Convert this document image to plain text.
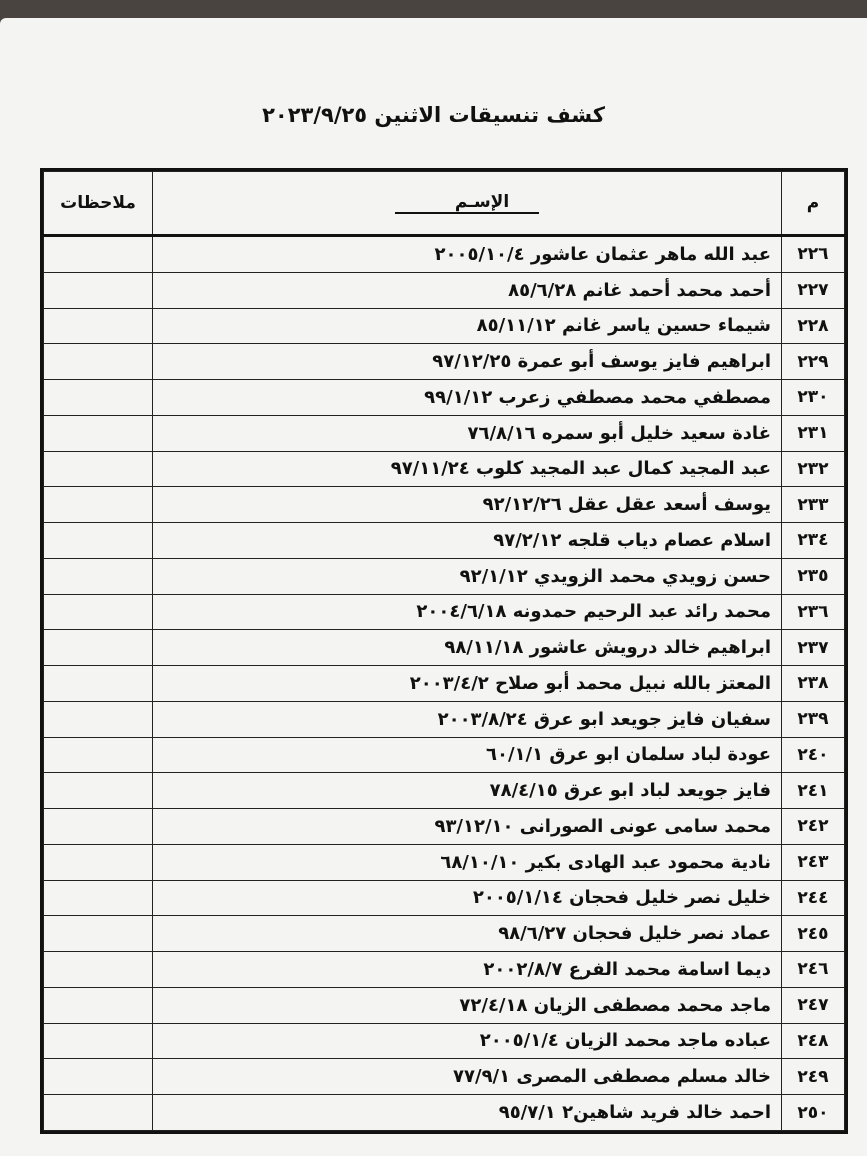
كشف تنسيقات الاثنين ٢٠٢٣/٩/٢٥
م	الإسـم	ملاحظات
٢٢٦	عبد الله ماهر عثمان عاشور ٢٠٠٥/١٠/٤	
٢٢٧	أحمد محمد أحمد غانم ٨٥/٦/٢٨	
٢٢٨	شيماء حسين ياسر غانم ٨٥/١١/١٢	
٢٢٩	ابراهيم فايز يوسف أبو عمرة ٩٧/١٢/٢٥	
٢٣٠	مصطفي محمد مصطفي زعرب ٩٩/١/١٢	
٢٣١	غادة سعيد خليل أبو سمره ٧٦/٨/١٦	
٢٣٢	عبد المجيد كمال عبد المجيد كلوب ٩٧/١١/٢٤	
٢٣٣	يوسف أسعد عقل عقل ٩٢/١٢/٢٦	
٢٣٤	اسلام عصام دياب قلجه ٩٧/٢/١٢	
٢٣٥	حسن زويدي محمد الزويدي ٩٢/١/١٢	
٢٣٦	محمد رائد عبد الرحيم حمدونه ٢٠٠٤/٦/١٨	
٢٣٧	ابراهيم خالد درويش عاشور ٩٨/١١/١٨	
٢٣٨	المعتز بالله نبيل محمد أبو صلاح ٢٠٠٣/٤/٢	
٢٣٩	سفيان فايز جويعد ابو عرق ٢٠٠٣/٨/٢٤	
٢٤٠	عودة لباد سلمان ابو عرق ٦٠/١/١	
٢٤١	فايز جويعد لباد ابو عرق ٧٨/٤/١٥	
٢٤٢	محمد سامى عونى الصورانى ٩٣/١٢/١٠	
٢٤٣	نادية محمود عبد الهادى بكير ٦٨/١٠/١٠	
٢٤٤	خليل نصر خليل فحجان ٢٠٠٥/١/١٤	
٢٤٥	عماد نصر خليل فحجان ٩٨/٦/٢٧	
٢٤٦	ديما اسامة محمد الفرع ٢٠٠٢/٨/٧	
٢٤٧	ماجد محمد مصطفى الزيان ٧٢/٤/١٨	
٢٤٨	عباده ماجد محمد الزيان ٢٠٠٥/١/٤	
٢٤٩	خالد مسلم مصطفى المصرى ٧٧/٩/١	
٢٥٠	احمد خالد فريد شاهين٢ ٩٥/٧/١	
